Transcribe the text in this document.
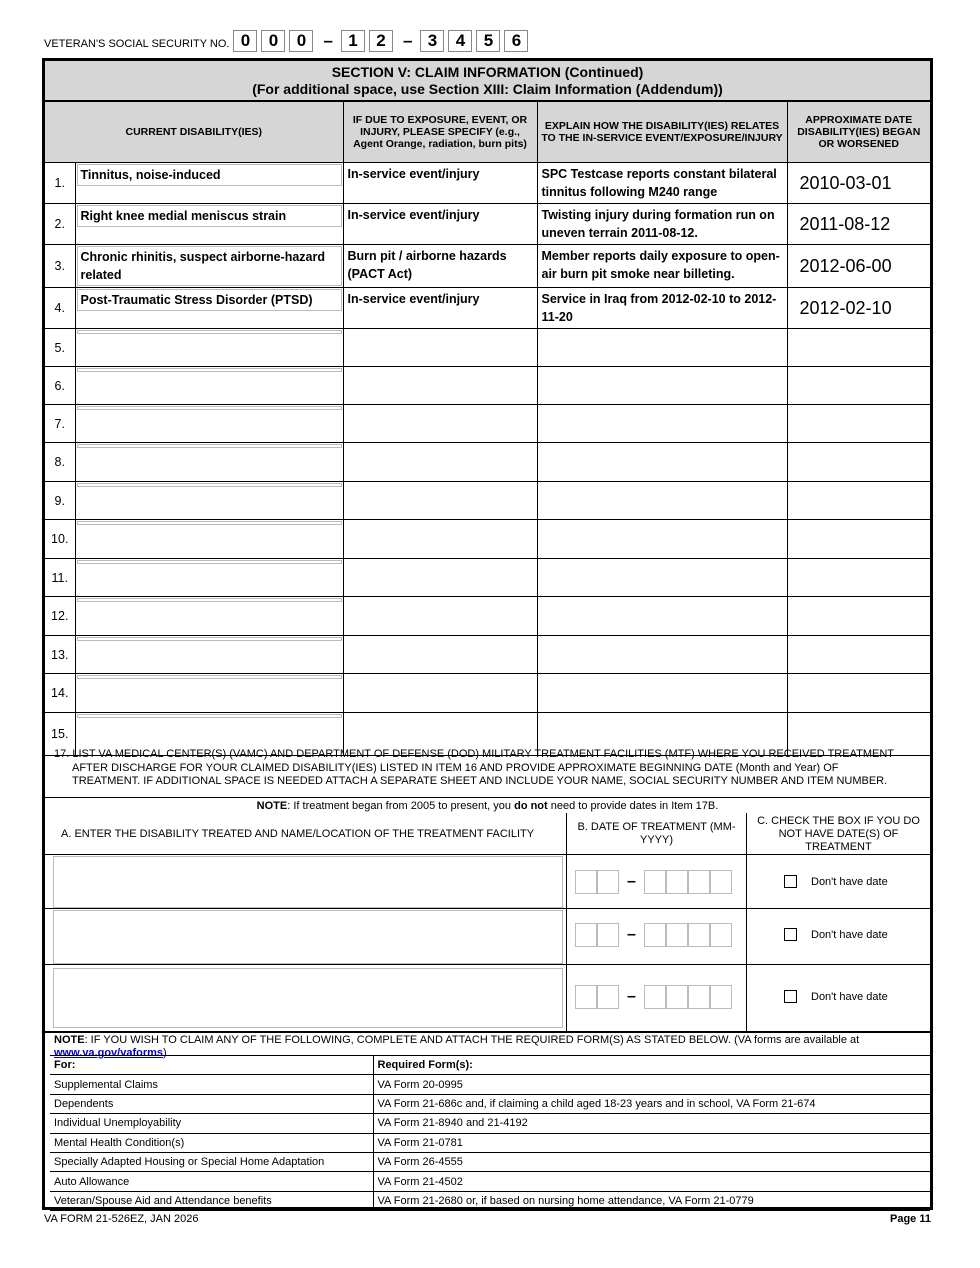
VETERAN'S SOCIAL SECURITY NO. 0	0	0	– 1	2	– 3	4	5	6
SECTION V: CLAIM INFORMATION (Continued)
(For additional space, use Section XIII: Claim Information (Addendum))
CURRENT DISABILITY(IES)		IF DUE TO EXPOSURE, EVENT, OR INJURY, PLEASE SPECIFY (e.g., Agent Orange, radiation, burn pits)	EXPLAIN HOW THE DISABILITY(IES) RELATES TO THE IN-SERVICE EVENT/EXPOSURE/INJURY	APPROXIMATE DATE DISABILITY(IES) BEGAN OR WORSENED
1.	Tinnitus, noise-induced	In-service event/injury	SPC Testcase reports constant bilateral tinnitus following M240 range	2010-03-01
2.	Right knee medial meniscus strain	In-service event/injury	Twisting injury during formation run on uneven terrain 2011-08-12.	2011-08-12
3.	Chronic rhinitis, suspect airborne-hazard related	Burn pit / airborne hazards (PACT Act)	Member reports daily exposure to open-air burn pit smoke near billeting.	2012-06-00
4.	Post-Traumatic Stress Disorder (PTSD)	In-service event/injury	Service in Iraq from 2012-02-10 to 2012-11-20	2012-02-10
5.	

6.	

7.	

8.	

9.	

10.	

11.	

12.	

13.	

14.	

15.	

17. LIST VA MEDICAL CENTER(S) (VAMC) AND DEPARTMENT OF DEFENSE (DOD) MILITARY TREATMENT FACILITIES (MTF) WHERE YOU RECEIVED TREATMENT
AFTER DISCHARGE FOR YOUR CLAIMED DISABILITY(IES) LISTED IN ITEM 16 AND PROVIDE APPROXIMATE BEGINNING DATE (Month and Year) OF
TREATMENT. IF ADDITIONAL SPACE IS NEEDED ATTACH A SEPARATE SHEET AND INCLUDE YOUR NAME, SOCIAL SECURITY NUMBER AND ITEM NUMBER.
NOTE: If treatment began from 2005 to present, you do not need to provide dates in Item 17B.
A. ENTER THE DISABILITY TREATED AND NAME/LOCATION OF THE TREATMENT FACILITY
B. DATE OF TREATMENT (MM-YYYY)
C. CHECK THE BOX IF YOU DO NOT HAVE DATE(S) OF TREATMENT
–	Don't have date
–	Don't have date
–	Don't have date
NOTE: IF YOU WISH TO CLAIM ANY OF THE FOLLOWING, COMPLETE AND ATTACH THE REQUIRED FORM(S) AS STATED BELOW. (VA forms are available at
www.va.gov/vaforms)
For:	Required Form(s):
Supplemental Claims	VA Form 20-0995
Dependents	VA Form 21-686c and, if claiming a child aged 18-23 years and in school, VA Form 21-674
Individual Unemployability	VA Form 21-8940 and 21-4192
Mental Health Condition(s)	VA Form 21-0781
Specially Adapted Housing or Special Home Adaptation	VA Form 26-4555
Auto Allowance	VA Form 21-4502
Veteran/Spouse Aid and Attendance benefits	VA Form 21-2680 or, if based on nursing home attendance, VA Form 21-0779
VA FORM 21-526EZ, JAN 2026	Page 11
